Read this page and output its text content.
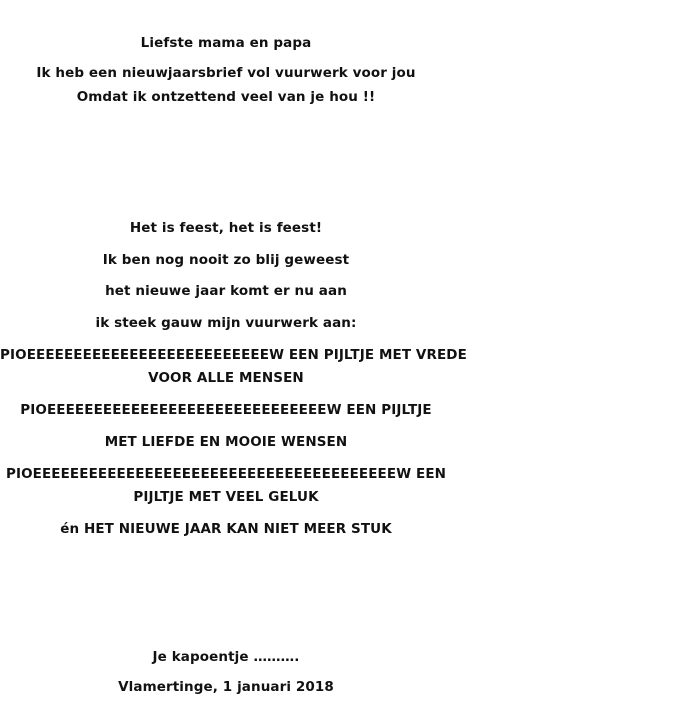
Liefste mama en papa
Ik heb een nieuwjaarsbrief vol vuurwerk voor jou
Omdat ik ontzettend veel van je hou !!
Het is feest, het is feest!
Ik ben nog nooit zo blij geweest
het nieuwe jaar komt er nu aan
ik steek gauw mijn vuurwerk aan:
PIOEEEEEEEEEEEEEEEEEEEEEEEEEEW EEN PIJLTJE MET VREDE
VOOR ALLE MENSEN
PIOEEEEEEEEEEEEEEEEEEEEEEEEEEEEEEW EEN PIJLTJE
MET LIEFDE EN MOOIE WENSEN
PIOEEEEEEEEEEEEEEEEEEEEEEEEEEEEEEEEEEEEEEEW EEN
PIJLTJE MET VEEL GELUK
én HET NIEUWE JAAR KAN NIET MEER STUK
Je kapoentje ……….
Vlamertinge, 1 januari 2018
